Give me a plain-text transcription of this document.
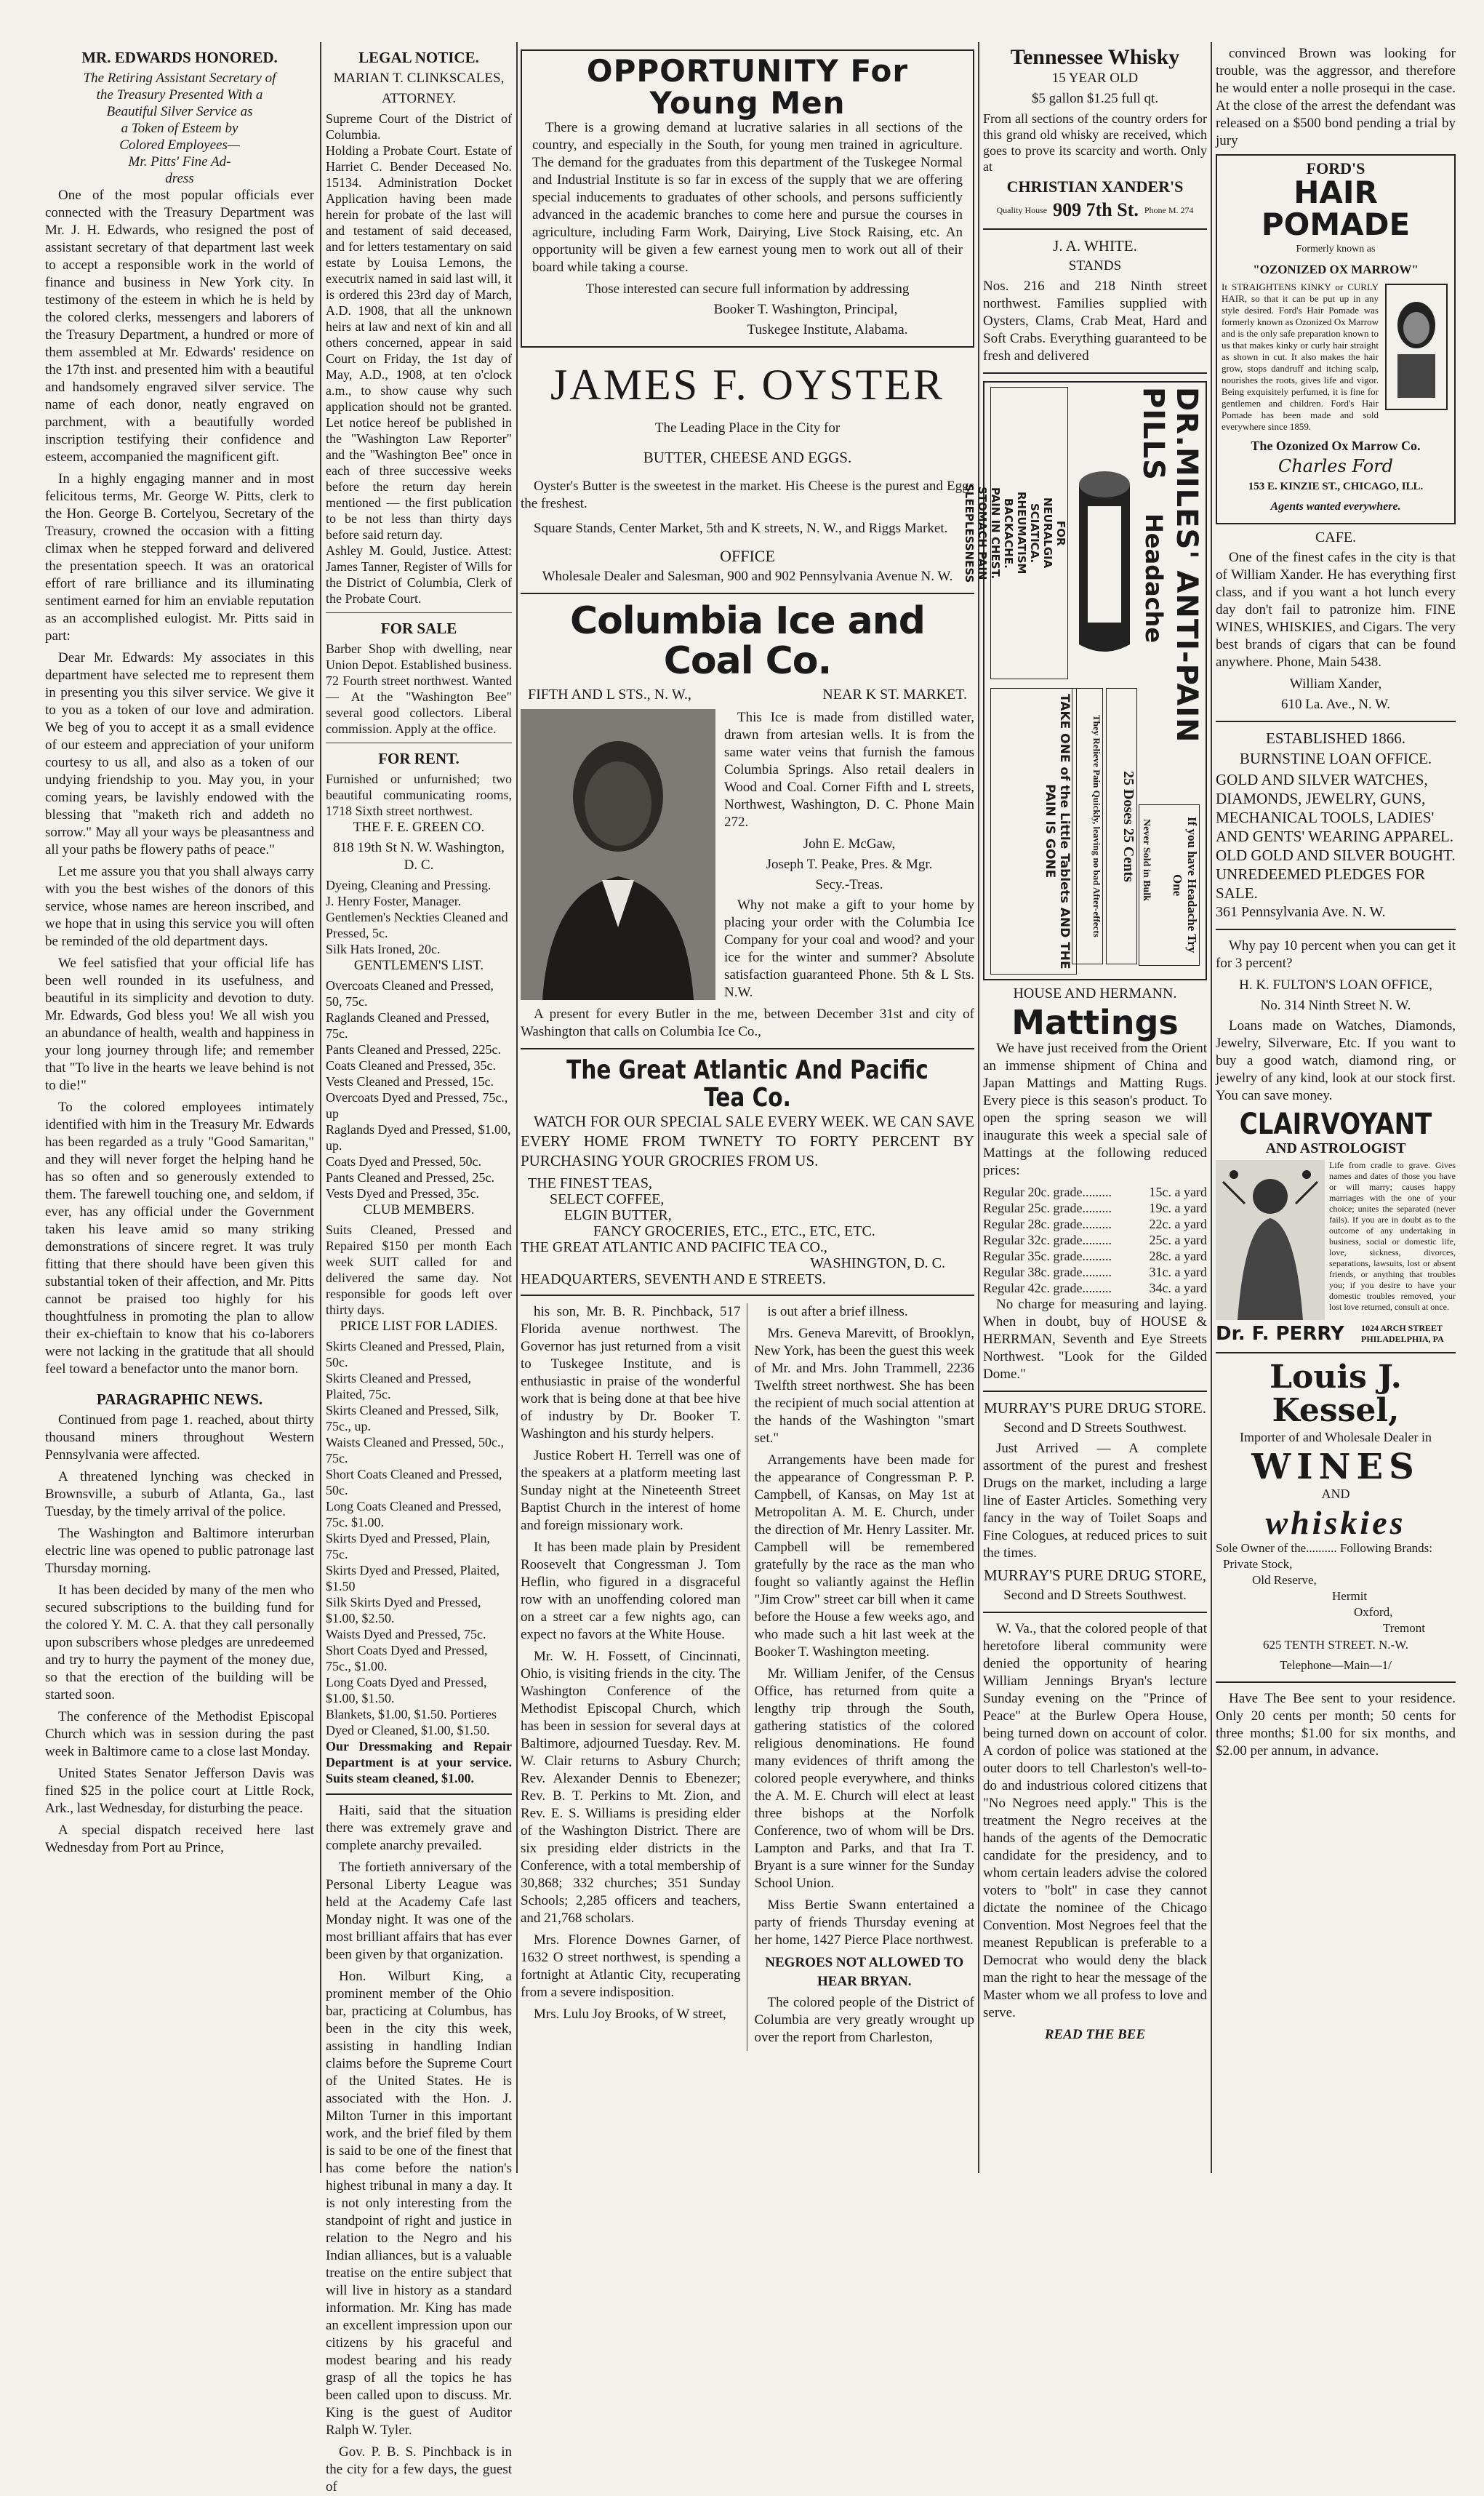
MR. EDWARDS HONORED.
The Retiring Assistant Secretary of
the Treasury Presented With a
Beautiful Silver Service as
a Token of Esteem by
Colored Employees—
Mr. Pitts' Fine Ad-
dress

One of the most popular officials ever connected with the Treasury Department was Mr. J. H. Edwards, who resigned the post of assistant secretary of that department last week to accept a responsible work in the world of finance and business in New York city. In testimony of the esteem in which he is held by the colored clerks, messengers and laborers of the Treasury Department, a hundred or more of them assembled at Mr. Edwards' residence on the 17th inst. and presented him with a beautiful and handsomely engraved silver service. The name of each donor, neatly engraved on parchment, with a beautifully worded inscription testifying their confidence and esteem, accompanied the magnificent gift.

In a highly engaging manner and in most felicitous terms, Mr. George W. Pitts, clerk to the Hon. George B. Cortelyou, Secretary of the Treasury, crowned the occasion with a fitting climax when he stepped forward and delivered the presentation speech. It was an oratorical effort of rare brilliance and its illuminating sentiment earned for him an enviable reputation as an accomplished eulogist. Mr. Pitts said in part:

Dear Mr. Edwards: My associates in this department have selected me to represent them in presenting you this silver service. We give it to you as a token of our love and admiration. We beg of you to accept it as a small evidence of our esteem and appreciation of your uniform courtesy to us all, and also as a token of our undying friendship to you. May you, in your coming years, be lavishly endowed with the blessing that "maketh rich and addeth no sorrow." May all your ways be pleasantness and all your paths be flowery paths of peace."

Let me assure you that you shall always carry with you the best wishes of the donors of this service, whose names are hereon inscribed, and we hope that in using this service you will often be reminded of the old department days.

We feel satisfied that your official life has been well rounded in its usefulness, and beautiful in its simplicity and devotion to duty. Mr. Edwards, God bless you! We all wish you an abundance of health, wealth and happiness in your long journey through life; and remember that "To live in the hearts we leave behind is not to die!"

To the colored employees intimately identified with him in the Treasury Mr. Edwards has been regarded as a truly "Good Samaritan," and they will never forget the helping hand he has so often and so generously extended to them. The farewell touching one, and seldom, if ever, has any official under the Government taken his leave amid so many striking demonstrations of sincere regret. It was truly fitting that there should have been given this substantial token of their affection, and Mr. Pitts cannot be praised too highly for his thoughtfulness in promoting the plan to allow their ex-chieftain to know that his co-laborers were not lacking in the gratitude that all should feel toward a benefactor unto the manor born.

PARAGRAPHIC NEWS.

Continued from page 1. reached, about thirty thousand miners throughout Western Pennsylvania were affected.

A threatened lynching was checked in Brownsville, a suburb of Atlanta, Ga., last Tuesday, by the timely arrival of the police.

The Washington and Baltimore interurban electric line was opened to public patronage last Thursday morning.

It has been decided by many of the men who secured subscriptions to the building fund for the colored Y. M. C. A. that they call personally upon subscribers whose pledges are unredeemed and try to hurry the payment of the money due, so that the erection of the building will be started soon.

The conference of the Methodist Episcopal Church which was in session during the past week in Baltimore came to a close last Monday.

United States Senator Jefferson Davis was fined $25 in the police court at Little Rock, Ark., last Wednesday, for disturbing the peace.

A special dispatch received here last Wednesday from Port au Prince,

LEGAL NOTICE.
MARIAN T. CLINKSCALES,
ATTORNEY.

Supreme Court of the District of Columbia.

Holding a Probate Court. Estate of Harriet C. Bender Deceased No. 15134. Administration Docket Application having been made herein for probate of the last will and testament of said deceased, and for letters testamentary on said estate by Louisa Lemons, the executrix named in said last will, it is ordered this 23rd day of March, A.D. 1908, that all the unknown heirs at law and next of kin and all others concerned, appear in said Court on Friday, the 1st day of May, A.D., 1908, at ten o'clock a.m., to show cause why such application should not be granted. Let notice hereof be published in the "Washington Law Reporter" and the "Washington Bee" once in each of three successive weeks before the return day herein mentioned — the first publication to be not less than thirty days before said return day.

Ashley M. Gould, Justice. Attest: James Tanner, Register of Wills for the District of Columbia, Clerk of the Probate Court.

FOR SALE

Barber Shop with dwelling, near Union Depot. Established business. 72 Fourth street northwest. Wanted — At the "Washington Bee" several good collectors. Liberal commission. Apply at the office.

FOR RENT.

Furnished or unfurnished; two beautiful communicating rooms, 1718 Sixth street northwest.

THE F. E. GREEN CO.
818 19th St N. W. Washington, D. C.
Dyeing, Cleaning and Pressing.
J. Henry Foster, Manager.
Gentlemen's Neckties Cleaned and Pressed, 5c.
Silk Hats Ironed, 20c.
GENTLEMEN'S LIST.
Overcoats Cleaned and Pressed, 50, 75c.
Raglands Cleaned and Pressed, 75c.
Pants Cleaned and Pressed, 225c.
Coats Cleaned and Pressed, 35c.
Vests Cleaned and Pressed, 15c.
Overcoats Dyed and Pressed, 75c., up
Raglands Dyed and Pressed, $1.00, up.
Coats Dyed and Pressed, 50c.
Pants Cleaned and Pressed, 25c.
Vests Dyed and Pressed, 35c.
CLUB MEMBERS.

Suits Cleaned, Pressed and Repaired $150 per month Each week SUIT called for and delivered the same day. Not responsible for goods left over thirty days.

PRICE LIST FOR LADIES.
Skirts Cleaned and Pressed, Plain, 50c.
Skirts Cleaned and Pressed, Plaited, 75c.
Skirts Cleaned and Pressed, Silk, 75c., up.
Waists Cleaned and Pressed, 50c., 75c.
Short Coats Cleaned and Pressed, 50c.
Long Coats Cleaned and Pressed, 75c. $1.00.
Skirts Dyed and Pressed, Plain, 75c.
Skirts Dyed and Pressed, Plaited, $1.50
Silk Skirts Dyed and Pressed, $1.00, $2.50.
Waists Dyed and Pressed, 75c.
Short Coats Dyed and Pressed, 75c., $1.00.
Long Coats Dyed and Pressed, $1.00, $1.50.
Blankets, $1.00, $1.50. Portieres Dyed or Cleaned, $1.00, $1.50.

Our Dressmaking and Repair Department is at your service. Suits steam cleaned, $1.00.

Haiti, said that the situation there was extremely grave and complete anarchy prevailed.

The fortieth anniversary of the Personal Liberty League was held at the Academy Cafe last Monday night. It was one of the most brilliant affairs that has ever been given by that organization.

Hon. Wilburt King, a prominent member of the Ohio bar, practicing at Columbus, has been in the city this week, assisting in handling Indian claims before the Supreme Court of the United States. He is associated with the Hon. J. Milton Turner in this important work, and the brief filed by them is said to be one of the finest that has come before the nation's highest tribunal in many a day. It is not only interesting from the standpoint of right and justice in relation to the Negro and his Indian alliances, but is a valuable treatise on the entire subject that will live in history as a standard information. Mr. King has made an excellent impression upon our citizens by his graceful and modest bearing and his ready grasp of all the topics he has been called upon to discuss. Mr. King is the guest of Auditor Ralph W. Tyler.

Gov. P. B. S. Pinchback is in the city for a few days, the guest of

OPPORTUNITY For Young Men

There is a growing demand at lucrative salaries in all sections of the country, and especially in the South, for young men trained in agriculture. The demand for the graduates from this department of the Tuskegee Normal and Industrial Institute is so far in excess of the supply that we are offering special inducements to graduates of other schools, and persons sufficiently advanced in the academic branches to come here and pursue the courses in agriculture, including Farm Work, Dairying, Live Stock Raising, etc. An opportunity will be given a few earnest young men to work out all of their board while taking a course.

Those interested can secure full information by addressing
Booker T. Washington, Principal,
Tuskegee Institute, Alabama.
JAMES F. OYSTER
The Leading Place in the City for
BUTTER, CHEESE AND EGGS.

Oyster's Butter is the sweetest in the market. His Cheese is the purest and Eggs the freshest.

Square Stands, Center Market, 5th and K streets, N. W., and Riggs Market.

OFFICE
Wholesale Dealer and Salesman, 900 and 902 Pennsylvania Avenue N. W.
Columbia Ice and Coal Co.
FIFTH AND L STS., N. W.,	NEAR K ST. MARKET.

This Ice is made from distilled water, drawn from artesian wells. It is from the same water veins that furnish the famous Columbia Springs. Also retail dealers in Wood and Coal. Corner Fifth and L streets, Northwest, Washington, D. C. Phone Main 272.

John E. McGaw,
Joseph T. Peake, Pres. & Mgr.
Secy.-Treas.

Why not make a gift to your home by placing your order with the Columbia Ice Company for your coal and wood? and your ice for the winter and summer? Absolute satisfaction guaranteed Phone. 5th & L Sts. N.W.

A present for every Butler in the me, between December 31st and city of Washington that calls on Columbia Ice Co.,

The Great Atlantic And Pacific Tea Co.

WATCH FOR OUR SPECIAL SALE EVERY WEEK. WE CAN SAVE EVERY HOME FROM TWNETY TO FORTY PERCENT BY PURCHASING YOUR GROCRIES FROM US.

THE FINEST TEAS,
SELECT COFFEE,
ELGIN BUTTER,
FANCY GROCERIES, ETC., ETC., ETC, ETC.
THE GREAT ATLANTIC AND PACIFIC TEA CO.,
WASHINGTON, D. C.
HEADQUARTERS, SEVENTH AND E STREETS.

his son, Mr. B. R. Pinchback, 517 Florida avenue northwest. The Governor has just returned from a visit to Tuskegee Institute, and is enthusiastic in praise of the wonderful work that is being done at that bee hive of industry by Dr. Booker T. Washington and his sturdy helpers.

Justice Robert H. Terrell was one of the speakers at a platform meeting last Sunday night at the Nineteenth Street Baptist Church in the interest of home and foreign missionary work.

It has been made plain by President Roosevelt that Congressman J. Tom Heflin, who figured in a disgraceful row with an unoffending colored man on a street car a few nights ago, can expect no favors at the White House.

Mr. W. H. Fossett, of Cincinnati, Ohio, is visiting friends in the city. The Washington Conference of the Methodist Episcopal Church, which has been in session for several days at Baltimore, adjourned Tuesday. Rev. M. W. Clair returns to Asbury Church; Rev. Alexander Dennis to Ebenezer; Rev. B. T. Perkins to Mt. Zion, and Rev. E. S. Williams is presiding elder of the Washington District. There are six presiding elder districts in the Conference, with a total membership of 30,868; 332 churches; 351 Sunday Schools; 2,285 officers and teachers, and 21,768 scholars.

Mrs. Florence Downes Garner, of 1632 O street northwest, is spending a fortnight at Atlantic City, recuperating from a severe indisposition.

Mrs. Lulu Joy Brooks, of W street,

is out after a brief illness.

Mrs. Geneva Marevitt, of Brooklyn, New York, has been the guest this week of Mr. and Mrs. John Trammell, 2236 Twelfth street northwest. She has been the recipient of much social attention at the hands of the Washington "smart set."

Arrangements have been made for the appearance of Congressman P. P. Campbell, of Kansas, on May 1st at Metropolitan A. M. E. Church, under the direction of Mr. Henry Lassiter. Mr. Campbell will be remembered gratefully by the race as the man who fought so valiantly against the Heflin "Jim Crow" street car bill when it came before the House a few weeks ago, and who made such a hit last week at the Booker T. Washington meeting.

Mr. William Jenifer, of the Census Office, has returned from quite a lengthy trip through the South, gathering statistics of the colored religious denominations. He found many evidences of thrift among the colored people everywhere, and thinks the A. M. E. Church will elect at least three bishops at the Norfolk Conference, two of whom will be Drs. Lampton and Parks, and that Ira T. Bryant is a sure winner for the Sunday School Union.

Miss Bertie Swann entertained a party of friends Thursday evening at her home, 1427 Pierce Place northwest.

NEGROES NOT ALLOWED TO HEAR BRYAN.

The colored people of the District of Columbia are very greatly wrought up over the report from Charleston,

Tennessee Whisky
15 YEAR OLD
$5 gallon $1.25 full qt.

From all sections of the country orders for this grand old whisky are received, which goes to prove its scarcity and worth. Only at

CHRISTIAN XANDER'S
Quality House 909 7th St. Phone M. 274
J. A. WHITE.
STANDS

Nos. 216 and 218 Ninth street northwest. Families supplied with Oysters, Clams, Crab Meat, Hard and Soft Crabs. Everything guaranteed to be fresh and delivered

FOR
NEURALGIA
SCIATICA.
RHEUMATISM
BACKACHE.
PAIN IN CHEST.
STOMACH PAIN
SLEEPLESSNESS
TAKE ONE of the Little Tablets AND THE PAIN IS GONE	They Relieve Pain Quickly, leaving no bad After-effects	25 Doses 25 Cents
DR.MILES' ANTI-PAIN PILLS
Headache
If you have Headache Try One
Never Sold in Bulk
HOUSE AND HERMANN.
Mattings

We have just received from the Orient an immense shipment of China and Japan Mattings and Matting Rugs. Every piece is this season's product. To open the spring season we will inaugurate this week a special sale of Mattings at the following reduced prices:

Regular 20c. grade.........	15c. a yard
Regular 25c. grade.........	19c. a yard
Regular 28c. grade.........	22c. a yard
Regular 32c. grade.........	25c. a yard
Regular 35c. grade.........	28c. a yard
Regular 38c. grade.........	31c. a yard
Regular 42c. grade.........	34c. a yard

No charge for measuring and laying. When in doubt, buy of HOUSE & HERRMAN, Seventh and Eye Streets Northwest. "Look for the Gilded Dome."

MURRAY'S PURE DRUG STORE.
Second and D Streets Southwest.

Just Arrived — A complete assortment of the purest and freshest Drugs on the market, including a large line of Easter Articles. Something very fancy in the way of Toilet Soaps and Fine Cologues, at reduced prices to suit the times.

MURRAY'S PURE DRUG STORE,
Second and D Streets Southwest.

W. Va., that the colored people of that heretofore liberal community were denied the opportunity of hearing William Jennings Bryan's lecture Sunday evening on the "Prince of Peace" at the Burlew Opera House, being turned down on account of color. A cordon of police was stationed at the outer doors to tell Charleston's well-to-do and industrious colored citizens that "No Negroes need apply." This is the treatment the Negro receives at the hands of the agents of the Democratic candidate for the presidency, and to whom certain leaders advise the colored voters to "bolt" in case they cannot dictate the nominee of the Chicago Convention. Most Negroes feel that the meanest Republican is preferable to a Democrat who would deny the black man the right to hear the message of the Master whom we all profess to love and serve.

READ THE BEE

convinced Brown was looking for trouble, was the aggressor, and therefore he would enter a nolle prosequi in the case. At the close of the arrest the defendant was released on a $500 bond pending a trial by jury

FORD'S
HAIR POMADE
Formerly known as
"OZONIZED OX MARROW"

It STRAIGHTENS KINKY or CURLY HAIR, so that it can be put up in any style desired. Ford's Hair Pomade was formerly known as Ozonized Ox Marrow and is the only safe preparation known to us that makes kinky or curly hair straight as shown in cut. It also makes the hair grow, stops dandruff and itching scalp, nourishes the roots, gives life and vigor. Being exquisitely perfumed, it is fine for gentlemen and children. Ford's Hair Pomade has been made and sold everywhere since 1859.

The Ozonized Ox Marrow Co.
Charles Ford
153 E. KINZIE ST., CHICAGO, ILL.
Agents wanted everywhere.
CAFE.

One of the finest cafes in the city is that of William Xander. He has everything first class, and if you want a hot lunch every day don't fail to patronize him. FINE WINES, WHISKIES, and Cigars. The very best brands of cigars that can be found anywhere. Phone, Main 5438.

William Xander,
610 La. Ave., N. W.
ESTABLISHED 1866.
BURNSTINE LOAN OFFICE.
GOLD AND SILVER WATCHES, DIAMONDS, JEWELRY, GUNS, MECHANICAL TOOLS, LADIES' AND GENTS' WEARING APPAREL.
OLD GOLD AND SILVER BOUGHT.
UNREDEEMED PLEDGES FOR SALE.
361 Pennsylvania Ave. N. W.

Why pay 10 percent when you can get it for 3 percent?

H. K. FULTON'S LOAN OFFICE,
No. 314 Ninth Street N. W.

Loans made on Watches, Diamonds, Jewelry, Silverware, Etc. If you want to buy a good watch, diamond ring, or jewelry of any kind, look at our stock first. You can save money.

CLAIRVOYANT
AND ASTROLOGIST

Life from cradle to grave. Gives names and dates of those you have or will marry; causes happy marriages with the one of your choice; unites the separated (never fails). If you are in doubt as to the outcome of any undertaking in business, social or domestic life, love, sickness, divorces, separations, lawsuits, lost or absent friends, or anything that troubles you; if you desire to have your domestic troubles removed, your lost love returned, consult at once.

Dr. F. PERRY 1024 ARCH STREET PHILADELPHIA, PA
Louis J. Kessel,
Importer of and Wholesale Dealer in
WINES
AND
whiskies
Sole Owner of the.......... Following Brands:
Private Stock,
Old Reserve,
Hermit
Oxford,
Tremont
625 TENTH STREET. N.-W.
Telephone—Main—1/

Have The Bee sent to your residence. Only 20 cents per month; 50 cents for three months; $1.00 for six months, and $2.00 per annum, in advance.
